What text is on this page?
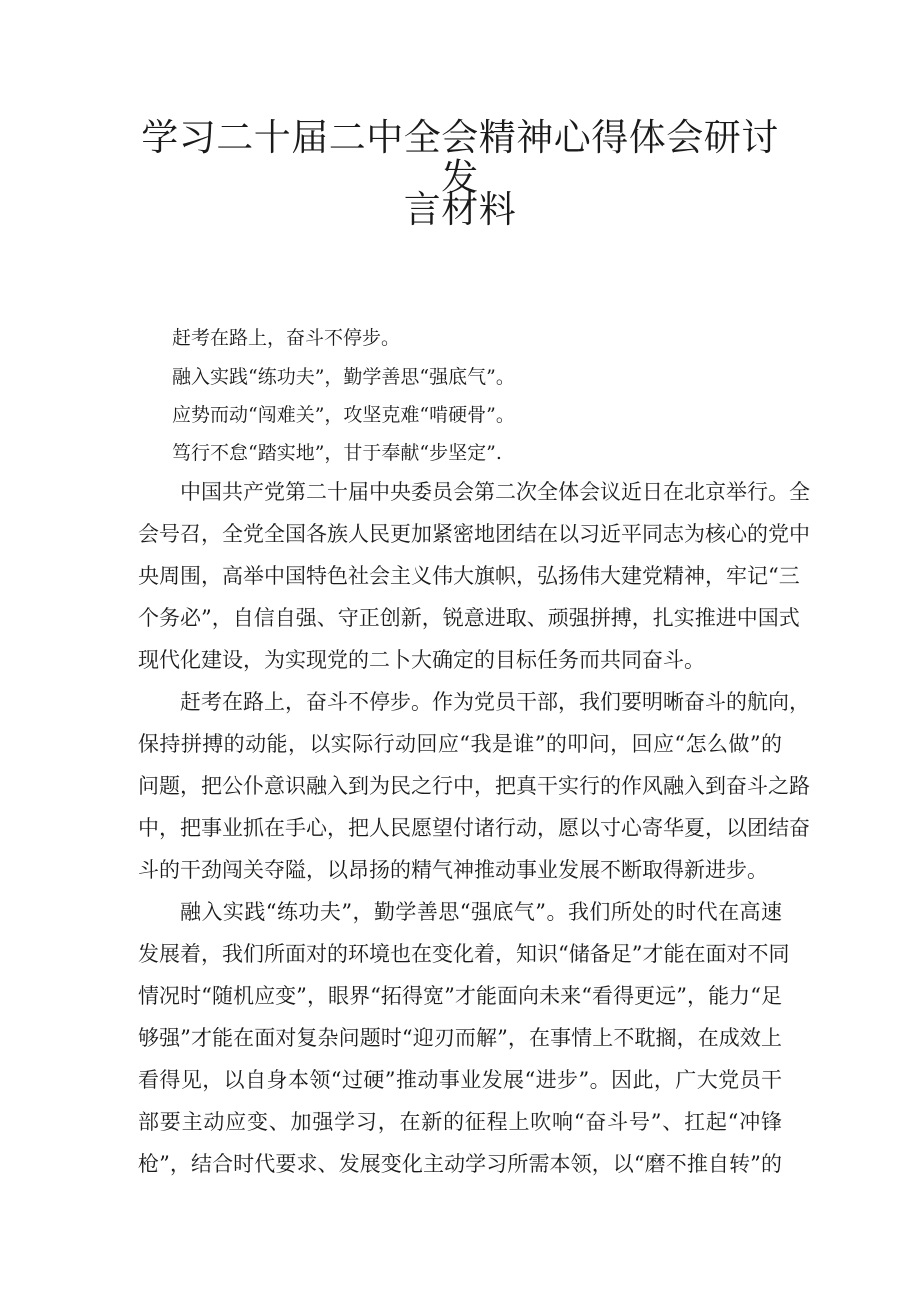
学习二十届二中全会精神心得体会研讨发
言材料

赶考在路上，奋斗不停步。

融入实践“练功夫”，勤学善思“强底气”。

应势而动“闯难关”，攻坚克难“啃硬骨”。

笃行不怠“踏实地”，甘于奉献“步坚定”.

中国共产党第二十届中央委员会第二次全体会议近日在北京举行。全

会号召，全党全国各族人民更加紧密地团结在以习近平同志为核心的党中

央周围，高举中国特色社会主义伟大旗帜，弘扬伟大建党精神，牢记“三

个务必”，自信自强、守正创新，锐意进取、顽强拼搏，扎实推进中国式

现代化建设，为实现党的二卜大确定的目标任务而共同奋斗。

赶考在路上，奋斗不停步。作为党员干部，我们要明晰奋斗的航向，

保持拼搏的动能，以实际行动回应“我是谁”的叩问，回应“怎么做”的

问题，把公仆意识融入到为民之行中，把真干实行的作风融入到奋斗之路

中，把事业抓在手心，把人民愿望付诸行动，愿以寸心寄华夏，以团结奋

斗的干劲闯关夺隘，以昂扬的精气神推动事业发展不断取得新进步。

融入实践“练功夫”，勤学善思“强底气”。我们所处的时代在高速

发展着，我们所面对的环境也在变化着，知识“储备足”才能在面对不同

情况时“随机应变”，眼界“拓得宽”才能面向未来“看得更远”，能力“足

够强”才能在面对复杂问题时“迎刃而解”，在事情上不耽搁，在成效上

看得见，以自身本领“过硬”推动事业发展“进步”。因此，广大党员干

部要主动应变、加强学习，在新的征程上吹响“奋斗号”、扛起“冲锋

枪”，结合时代要求、发展变化主动学习所需本领，以“磨不推自转”的
